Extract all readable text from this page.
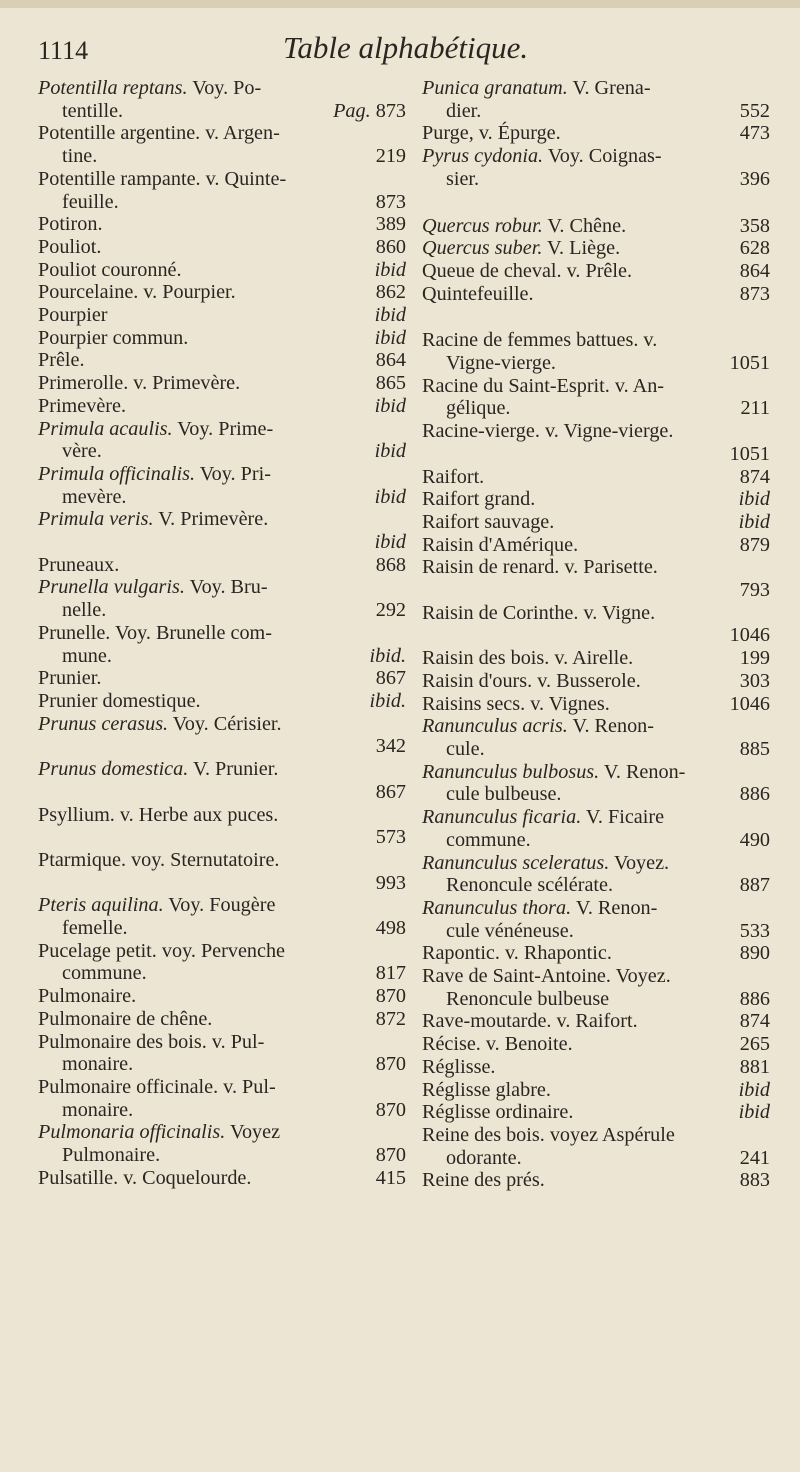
1114	Table alphabétique.
Potentilla reptans. Voy. Po-
tentille.	Pag. 873
Potentille argentine. v. Argen-
tine.	219
Potentille rampante. v. Quinte-
feuille.	873
Potiron.	389
Pouliot.	860
Pouliot couronné.	ibid
Pourcelaine. v. Pourpier.	862
Pourpier	ibid
Pourpier commun.	ibid
Prêle.	864
Primerolle. v. Primevère.	865
Primevère.	ibid
Primula acaulis. Voy. Prime-
vère.	ibid
Primula officinalis. Voy. Pri-
mevère.	ibid
Primula veris. V. Primevère.
ibid
Pruneaux.	868
Prunella vulgaris. Voy. Bru-
nelle.	292
Prunelle. Voy. Brunelle com-
mune.	ibid.
Prunier.	867
Prunier domestique.	ibid.
Prunus cerasus. Voy. Cérisier.
342
Prunus domestica. V. Prunier.
867
Psyllium. v. Herbe aux puces.
573
Ptarmique. voy. Sternutatoire.
993
Pteris aquilina. Voy. Fougère
femelle.	498
Pucelage petit. voy. Pervenche
commune.	817
Pulmonaire.	870
Pulmonaire de chêne.	872
Pulmonaire des bois. v. Pul-
monaire.	870
Pulmonaire officinale. v. Pul-
monaire.	870
Pulmonaria officinalis. Voyez
Pulmonaire.	870
Pulsatille. v. Coquelourde.	415
Punica granatum. V. Grena-
dier.	552
Purge, v. Épurge.	473
Pyrus cydonia. Voy. Coignas-
sier.	396
Quercus robur. V. Chêne.	358
Quercus suber. V. Liège.	628
Queue de cheval. v. Prêle.	864
Quintefeuille.	873
Racine de femmes battues. v.
Vigne-vierge.	1051
Racine du Saint-Esprit. v. An-
gélique.	211
Racine-vierge. v. Vigne-vierge.
1051
Raifort.	874
Raifort grand.	ibid
Raifort sauvage.	ibid
Raisin d'Amérique.	879
Raisin de renard. v. Parisette.
793
Raisin de Corinthe. v. Vigne.
1046
Raisin des bois. v. Airelle.	199
Raisin d'ours. v. Busserole.	303
Raisins secs. v. Vignes.	1046
Ranunculus acris. V. Renon-
cule.	885
Ranunculus bulbosus. V. Renon-
cule bulbeuse.	886
Ranunculus ficaria. V. Ficaire
commune.	490
Ranunculus sceleratus. Voyez.
Renoncule scélérate.	887
Ranunculus thora. V. Renon-
cule vénéneuse.	533
Rapontic. v. Rhapontic.	890
Rave de Saint-Antoine. Voyez.
Renoncule bulbeuse	886
Rave-moutarde. v. Raifort.	874
Récise. v. Benoite.	265
Réglisse.	881
Réglisse glabre.	ibid
Réglisse ordinaire.	ibid
Reine des bois. voyez Aspérule
odorante.	241
Reine des prés.	883
